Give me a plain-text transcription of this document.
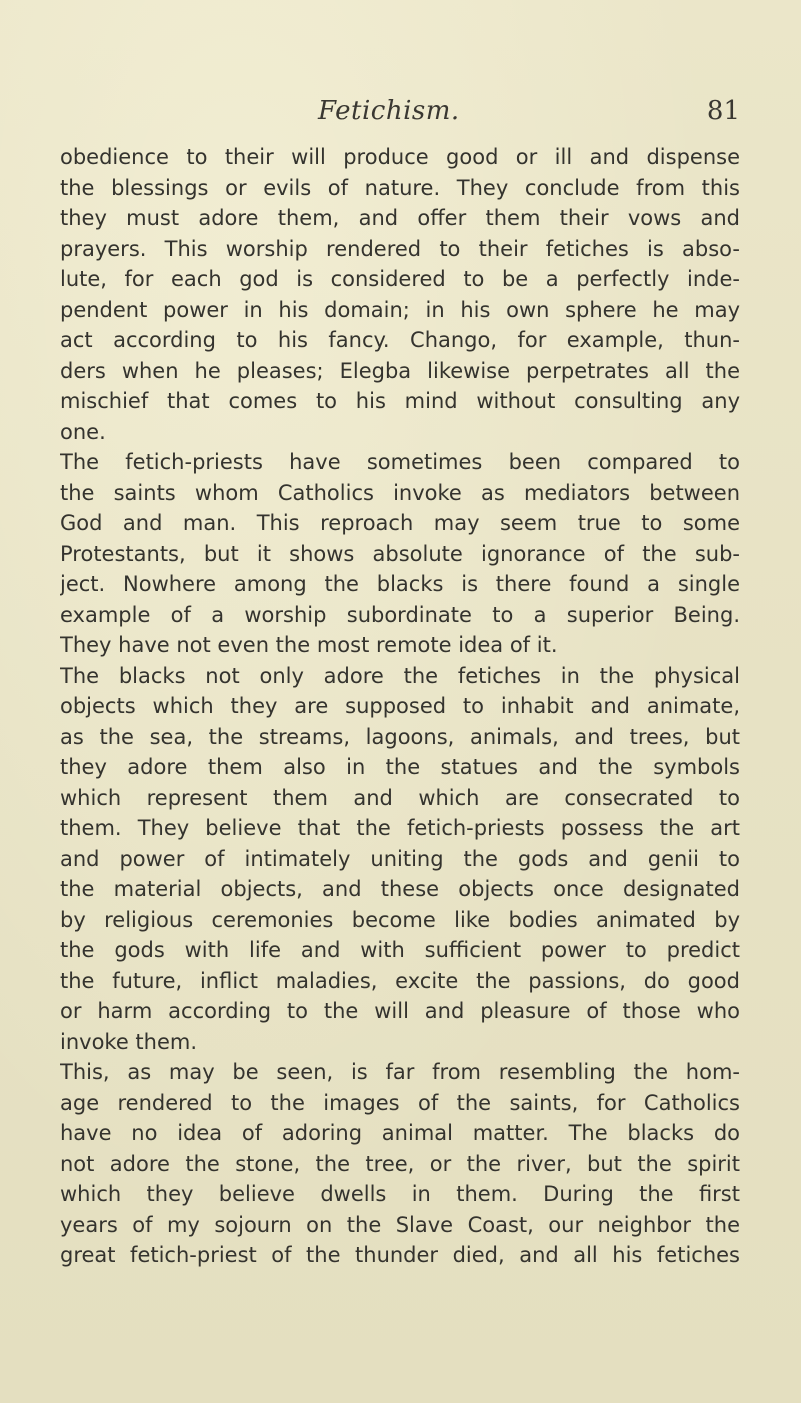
Fetichism.	81
obedience to their will produce good or ill and dispense
the blessings or evils of nature. They conclude from this
they must adore them, and offer them their vows and
prayers. This worship rendered to their fetiches is abso-
lute, for each god is considered to be a perfectly inde-
pendent power in his domain; in his own sphere he may
act according to his fancy. Chango, for example, thun-
ders when he pleases; Elegba likewise perpetrates all the
mischief that comes to his mind without consulting any
one.
The fetich-priests have sometimes been compared to
the saints whom Catholics invoke as mediators between
God and man. This reproach may seem true to some
Protestants, but it shows absolute ignorance of the sub-
ject. Nowhere among the blacks is there found a single
example of a worship subordinate to a superior Being.
They have not even the most remote idea of it.
The blacks not only adore the fetiches in the physical
objects which they are supposed to inhabit and animate,
as the sea, the streams, lagoons, animals, and trees, but
they adore them also in the statues and the symbols
which represent them and which are consecrated to
them. They believe that the fetich-priests possess the art
and power of intimately uniting the gods and genii to
the material objects, and these objects once designated
by religious ceremonies become like bodies animated by
the gods with life and with sufficient power to predict
the future, inflict maladies, excite the passions, do good
or harm according to the will and pleasure of those who
invoke them.
This, as may be seen, is far from resembling the hom-
age rendered to the images of the saints, for Catholics
have no idea of adoring animal matter. The blacks do
not adore the stone, the tree, or the river, but the spirit
which they believe dwells in them. During the first
years of my sojourn on the Slave Coast, our neighbor the
great fetich-priest of the thunder died, and all his fetiches
